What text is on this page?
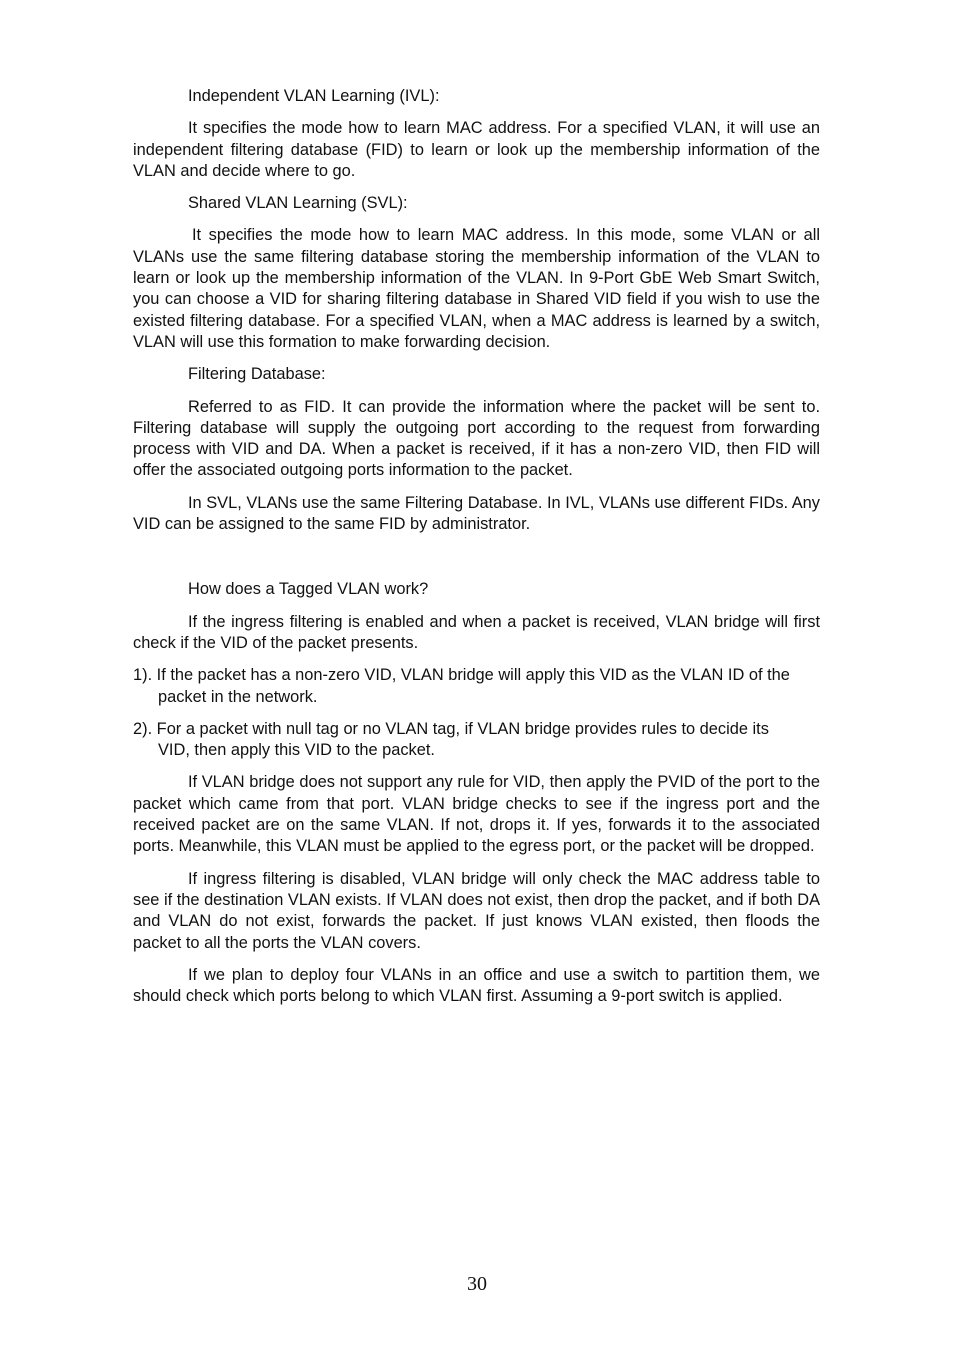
Independent VLAN Learning (IVL):

It specifies the mode how to learn MAC address. For a specified VLAN, it will use an independent filtering database (FID) to learn or look up the membership information of the VLAN and decide where to go.

Shared VLAN Learning (SVL):

It specifies the mode how to learn MAC address. In this mode, some VLAN or all VLANs use the same filtering database storing the membership information of the VLAN to learn or look up the membership information of the VLAN. In 9-Port GbE Web Smart Switch, you can choose a VID for sharing filtering database in Shared VID field if you wish to use the existed filtering database. For a specified VLAN, when a MAC address is learned by a switch, VLAN will use this formation to make forwarding decision.

Filtering Database:

Referred to as FID. It can provide the information where the packet will be sent to. Filtering database will supply the outgoing port according to the request from forwarding process with VID and DA. When a packet is received, if it has a non-zero VID, then FID will offer the associated outgoing ports information to the packet.

In SVL, VLANs use the same Filtering Database. In IVL, VLANs use different FIDs. Any VID can be assigned to the same FID by administrator.

How does a Tagged VLAN work?

If the ingress filtering is enabled and when a packet is received, VLAN bridge will first check if the VID of the packet presents.

1). If the packet has a non-zero VID, VLAN bridge will apply this VID as the VLAN ID of the packet in the network.

2). For a packet with null tag or no VLAN tag, if VLAN bridge provides rules to decide its VID, then apply this VID to the packet.

If VLAN bridge does not support any rule for VID, then apply the PVID of the port to the packet which came from that port. VLAN bridge checks to see if the ingress port and the received packet are on the same VLAN. If not, drops it. If yes, forwards it to the associated ports. Meanwhile, this VLAN must be applied to the egress port, or the packet will be dropped.

If ingress filtering is disabled, VLAN bridge will only check the MAC address table to see if the destination VLAN exists. If VLAN does not exist, then drop the packet, and if both DA and VLAN do not exist, forwards the packet. If just knows VLAN existed, then floods the packet to all the ports the VLAN covers.

If we plan to deploy four VLANs in an office and use a switch to partition them, we should check which ports belong to which VLAN first. Assuming a 9-port switch is applied.

30
